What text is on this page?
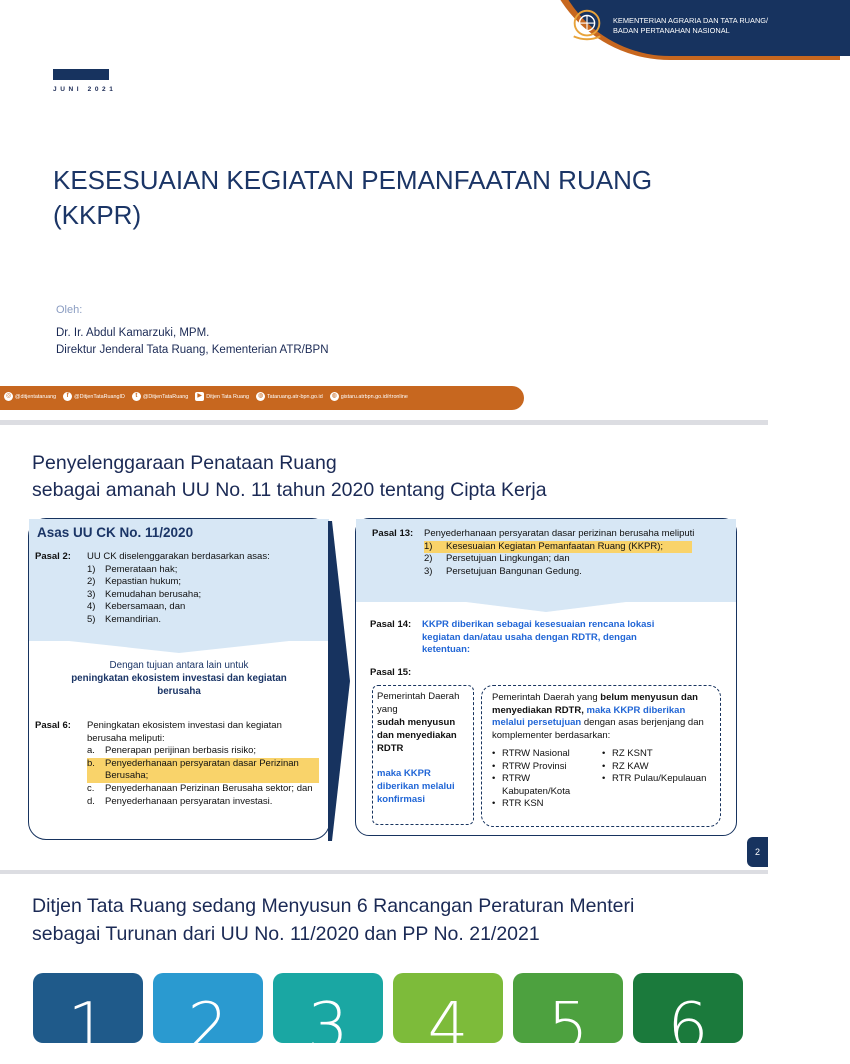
KEMENTERIAN AGRARIA DAN TATA RUANG/ BADAN PERTANAHAN NASIONAL
JUNI 2021
KESESUAIAN KEGIATAN PEMANFAATAN RUANG (KKPR)
Oleh:
Dr. Ir. Abdul Kamarzuki, MPM.
Direktur Jenderal Tata Ruang, Kementerian ATR/BPN
◎ @ditjentataruang	f	@DitjenTataRuangID	t	@DitjenTataRuang	▶ Ditjen Tata Ruang	◍ Tataruang.atr-bpn.go.id	◍ gistaru.atrbpn.go.id/rtronline
Penyelenggaraan Penataan Ruang
sebagai amanah UU No. 11 tahun 2020 tentang Cipta Kerja
Asas UU CK No. 11/2020
Pasal 2: UU CK diselenggarakan berdasarkan asas:
1)	Pemerataan hak;
2)	Kepastian hukum;
3)	Kemudahan berusaha;
4)	Kebersamaan, dan
5)	Kemandirian.
Dengan tujuan antara lain untuk
peningkatan ekosistem investasi dan kegiatan berusaha
Pasal 6: Peningkatan ekosistem investasi dan kegiatan berusaha meliputi:
a.	Penerapan perijinan berbasis risiko;
b.	Penyederhanaan persyaratan dasar Perizinan Berusaha;
c.	Penyederhanaan Perizinan Berusaha sektor; dan
d.	Penyederhanaan persyaratan investasi.
Pasal 13: Penyederhanaan persyaratan dasar perizinan berusaha meliputi
1)	Kesesuaian Kegiatan Pemanfaatan Ruang (KKPR);
2)	Persetujuan Lingkungan; dan
3)	Persetujuan Bangunan Gedung.
Pasal 14: KKPR diberikan sebagai kesesuaian rencana lokasi kegiatan dan/atau usaha dengan RDTR, dengan ketentuan:
Pasal 15:
Pemerintah Daerah yang
sudah menyusun dan menyediakan RDTR
maka KKPR diberikan melalui konfirmasi
Pemerintah Daerah yang belum menyusun dan menyediakan RDTR, maka KKPR diberikan melalui persetujuan dengan asas berjenjang dan komplementer berdasarkan:
• RTRW Nasional
• RTRW Provinsi
• RTRW Kabupaten/Kota
• RTR KSN
• RZ KSNT
• RZ KAW
• RTR Pulau/Kepulauan
2
Ditjen Tata Ruang sedang Menyusun 6 Rancangan Peraturan Menteri
sebagai Turunan dari UU No. 11/2020 dan PP No. 21/2021
1	2	3	4	5	6
